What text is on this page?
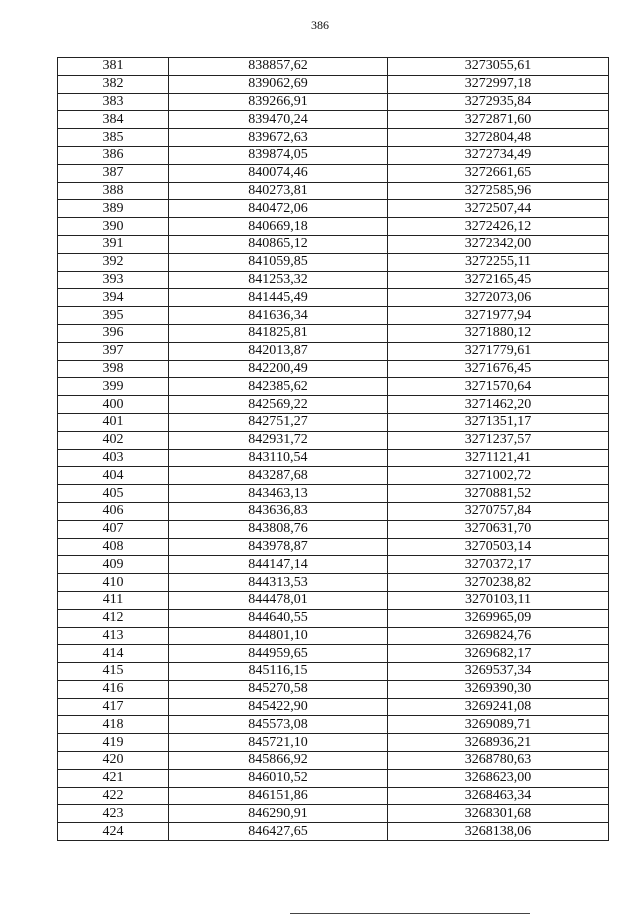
386
381	838857,62	3273055,61
382	839062,69	3272997,18
383	839266,91	3272935,84
384	839470,24	3272871,60
385	839672,63	3272804,48
386	839874,05	3272734,49
387	840074,46	3272661,65
388	840273,81	3272585,96
389	840472,06	3272507,44
390	840669,18	3272426,12
391	840865,12	3272342,00
392	841059,85	3272255,11
393	841253,32	3272165,45
394	841445,49	3272073,06
395	841636,34	3271977,94
396	841825,81	3271880,12
397	842013,87	3271779,61
398	842200,49	3271676,45
399	842385,62	3271570,64
400	842569,22	3271462,20
401	842751,27	3271351,17
402	842931,72	3271237,57
403	843110,54	3271121,41
404	843287,68	3271002,72
405	843463,13	3270881,52
406	843636,83	3270757,84
407	843808,76	3270631,70
408	843978,87	3270503,14
409	844147,14	3270372,17
410	844313,53	3270238,82
411	844478,01	3270103,11
412	844640,55	3269965,09
413	844801,10	3269824,76
414	844959,65	3269682,17
415	845116,15	3269537,34
416	845270,58	3269390,30
417	845422,90	3269241,08
418	845573,08	3269089,71
419	845721,10	3268936,21
420	845866,92	3268780,63
421	846010,52	3268623,00
422	846151,86	3268463,34
423	846290,91	3268301,68
424	846427,65	3268138,06
